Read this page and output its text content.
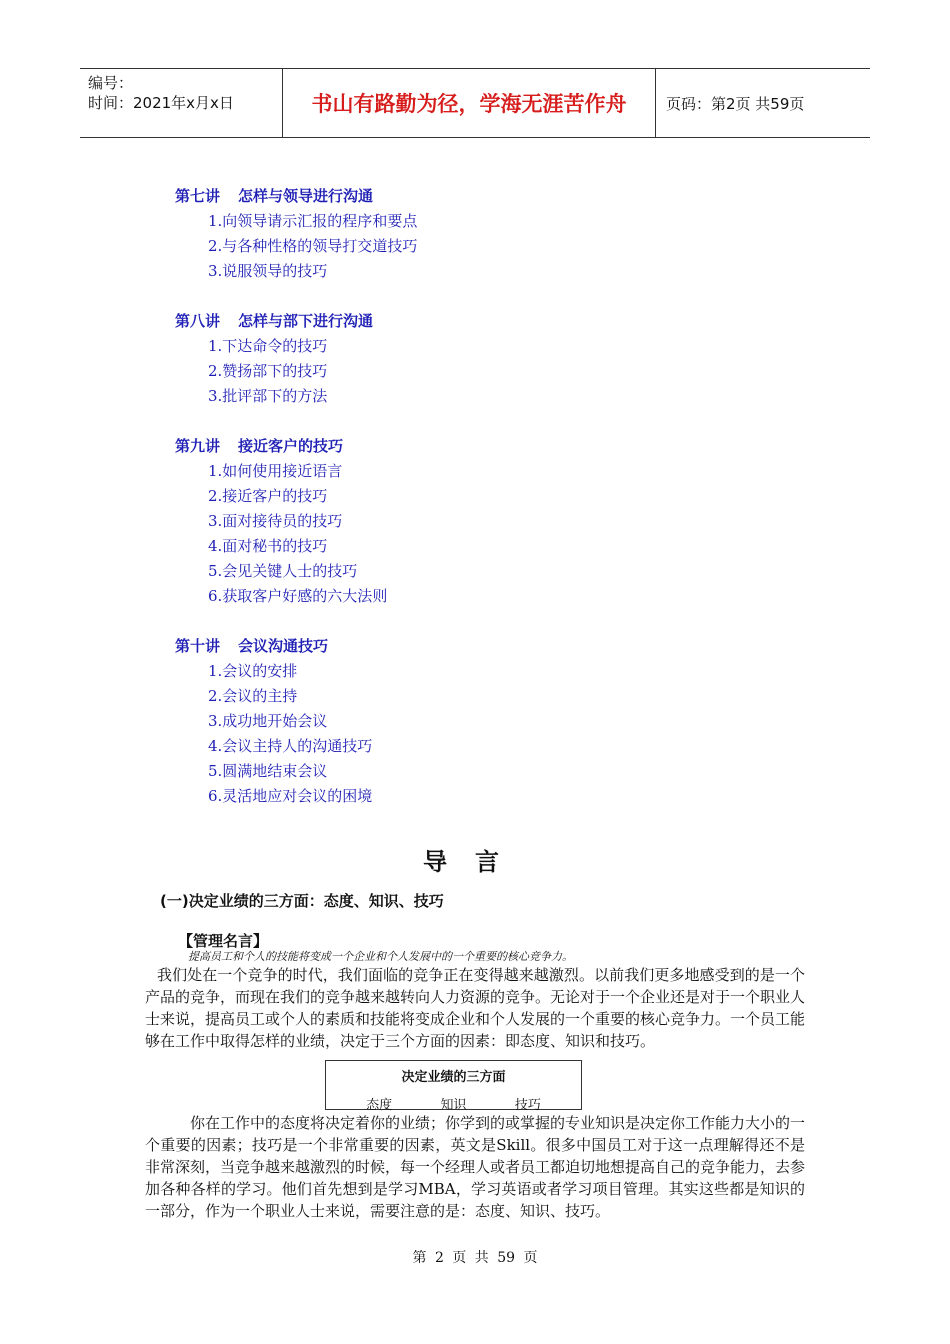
编号：
时间：2021年x月x日	书山有路勤为径，学海无涯苦作舟	页码：第2页 共59页
第七讲 怎样与领导进行沟通
1.向领导请示汇报的程序和要点
2.与各种性格的领导打交道技巧
3.说服领导的技巧
第八讲 怎样与部下进行沟通
1.下达命令的技巧
2.赞扬部下的技巧
3.批评部下的方法
第九讲 接近客户的技巧
1.如何使用接近语言
2.接近客户的技巧
3.面对接待员的技巧
4.面对秘书的技巧
5.会见关键人士的技巧
6.获取客户好感的六大法则
第十讲 会议沟通技巧
1.会议的安排
2.会议的主持
3.成功地开始会议
4.会议主持人的沟通技巧
5.圆满地结束会议
6.灵活地应对会议的困境
导言
(一)决定业绩的三方面：态度、知识、技巧
【管理名言】
提高员工和个人的技能将变成一个企业和个人发展中的一个重要的核心竞争力。
我们处在一个竞争的时代，我们面临的竞争正在变得越来越激烈。以前我们更多地感受到的是一个产品的竞争，而现在我们的竞争越来越转向人力资源的竞争。无论对于一个企业还是对于一个职业人士来说，提高员工或个人的素质和技能将变成企业和个人发展的一个重要的核心竞争力。一个员工能够在工作中取得怎样的业绩，决定于三个方面的因素：即态度、知识和技巧。
决定业绩的三方面
态度	知识	技巧
你在工作中的态度将决定着你的业绩；你学到的或掌握的专业知识是决定你工作能力大小的一个重要的因素；技巧是一个非常重要的因素，英文是Skill。很多中国员工对于这一点理解得还不是非常深刻，当竞争越来越激烈的时候，每一个经理人或者员工都迫切地想提高自己的竞争能力，去参加各种各样的学习。他们首先想到是学习MBA，学习英语或者学习项目管理。其实这些都是知识的一部分，作为一个职业人士来说，需要注意的是：态度、知识、技巧。
第 2 页 共 59 页
